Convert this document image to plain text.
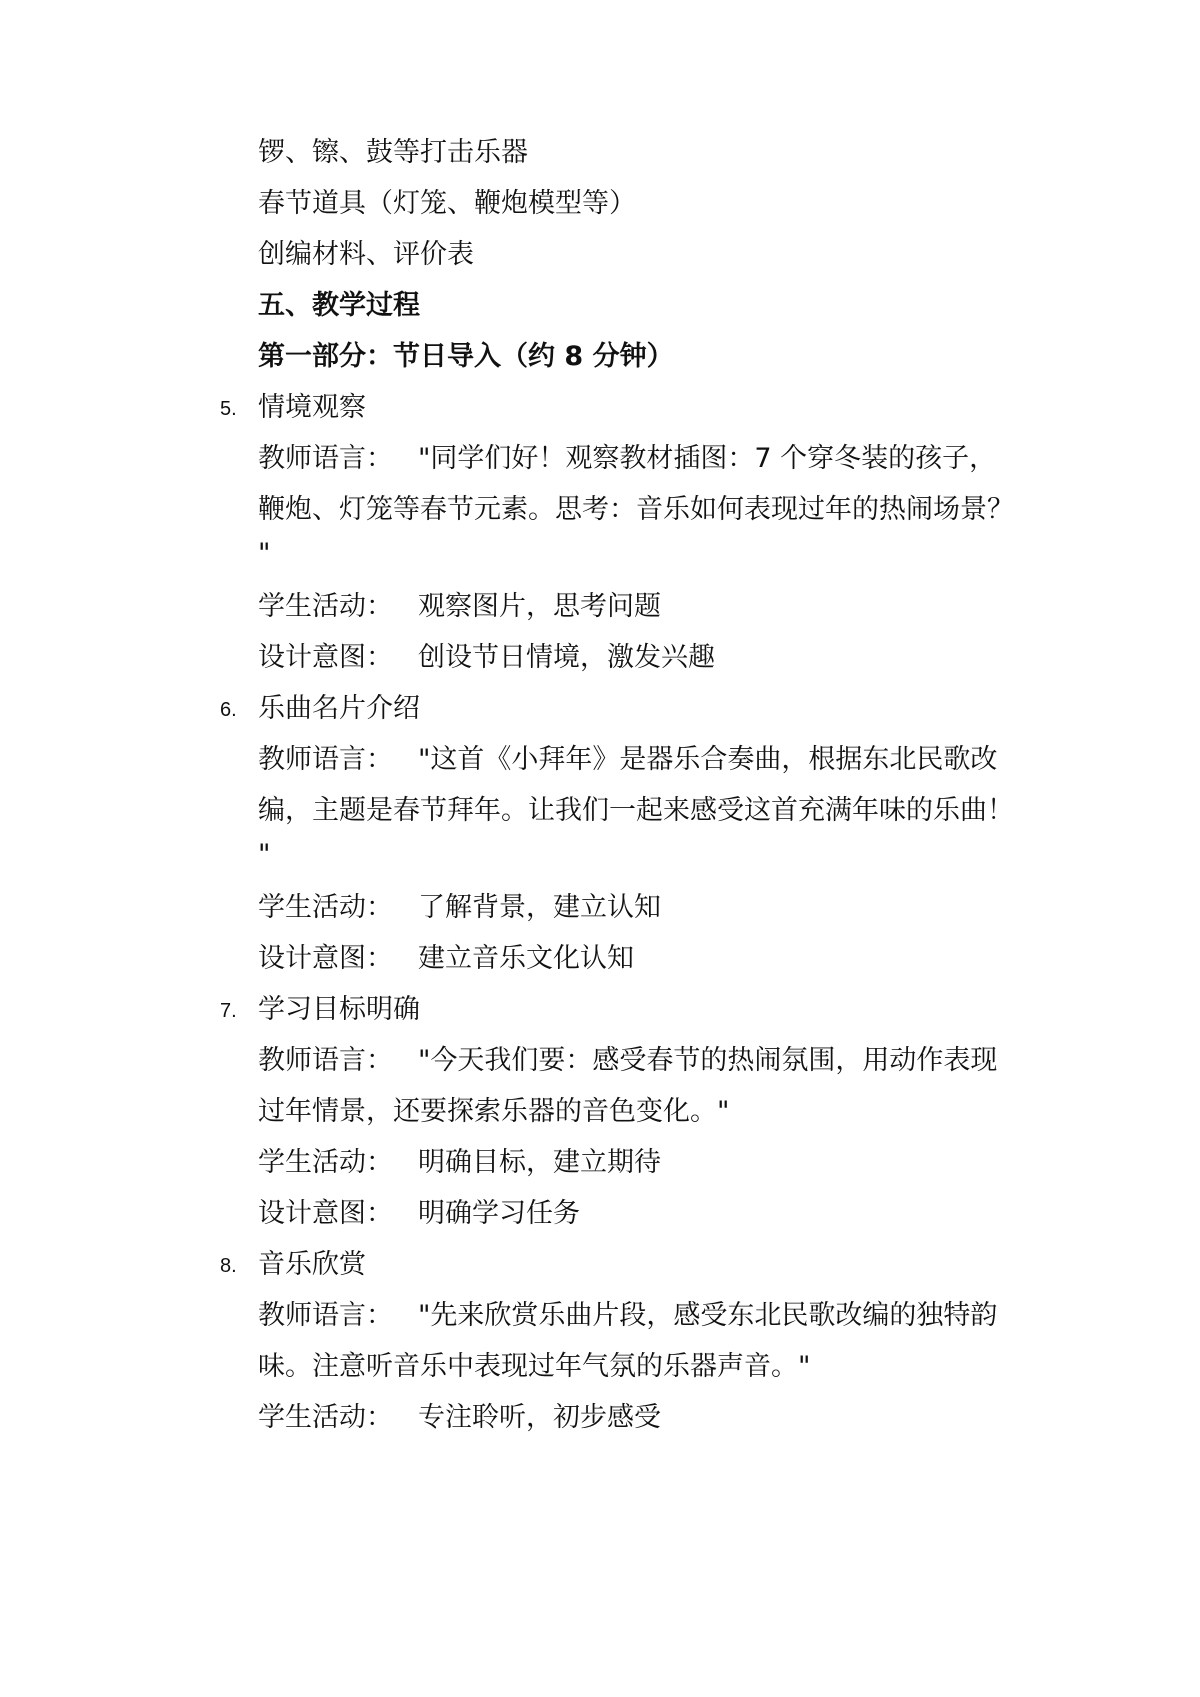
锣、镲、鼓等打击乐器
春节道具（灯笼、鞭炮模型等）
创编材料、评价表
五、教学过程
第一部分：节日导入（约 8 分钟）
5. 情境观察
教师语言： "同学们好！观察教材插图：7 个穿冬装的孩子，
鞭炮、灯笼等春节元素。思考：音乐如何表现过年的热闹场景？
"
学生活动： 观察图片，思考问题
设计意图： 创设节日情境，激发兴趣
6. 乐曲名片介绍
教师语言： "这首《小拜年》是器乐合奏曲，根据东北民歌改
编，主题是春节拜年。让我们一起来感受这首充满年味的乐曲！
"
学生活动： 了解背景，建立认知
设计意图： 建立音乐文化认知
7. 学习目标明确
教师语言： "今天我们要：感受春节的热闹氛围，用动作表现
过年情景，还要探索乐器的音色变化。"
学生活动： 明确目标，建立期待
设计意图： 明确学习任务
8. 音乐欣赏
教师语言： "先来欣赏乐曲片段，感受东北民歌改编的独特韵
味。注意听音乐中表现过年气氛的乐器声音。"
学生活动： 专注聆听，初步感受
